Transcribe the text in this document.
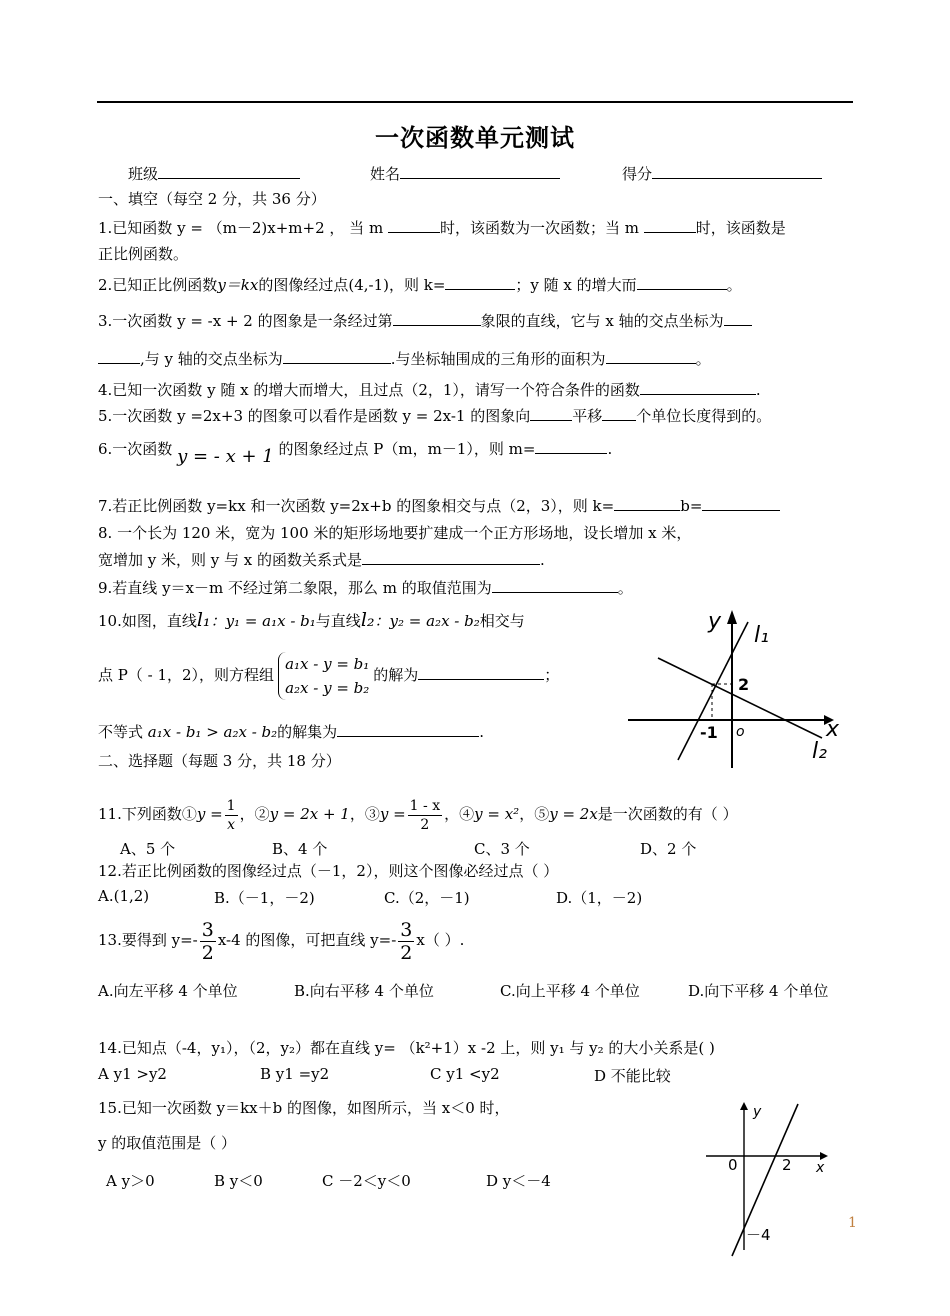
一次函数单元测试
班级	姓名	得分
一、填空（每空 2 分，共 36 分）
1.已知函数 y = （m－2)x+m+2 ， 当 m	时，该函数为一次函数；当 m	时，该函数是
正比例函数。
2.已知正比例函数y＝kx的图像经过点(4,-1)，则 k=	；y 随 x 的增大而	。
3.一次函数 y = -x + 2 的图象是一条经过第	象限的直线，它与 x 轴的交点坐标为
,与 y 轴的交点坐标为	.与坐标轴围成的三角形的面积为	。
4.已知一次函数 y 随 x 的增大而增大，且过点（2，1），请写一个符合条件的函数	.
5.一次函数 y =2x+3 的图象可以看作是函数 y = 2x-1 的图象向	平移 个单位长度得到的。
6.一次函数 y = - x + 1 的图象经过点 P（m，m－1），则 m=	.
7.若正比例函数 y=kx 和一次函数 y=2x+b 的图象相交与点（2，3），则 k=	b=
8. 一个长为 120 米，宽为 100 米的矩形场地要扩建成一个正方形场地，设长增加 x 米，
宽增加 y 米，则 y 与 x 的函数关系式是	.
9.若直线 y＝x－m 不经过第二象限，那么 m 的取值范围为	。
10.如图，直线l₁：y₁ = a₁x - b₁与直线l₂：y₂ = a₂x - b₂相交与
点 P（ - 1，2），则方程组
a₁x - y = b₁
a₂x - y = b₂
的解为	；
不等式 a₁x - b₁ > a₂x - b₂的解集为	.
y
x
l₁
l₂
2
-1 o
二、选择题（每题 3 分，共 18 分）
11.下列函数①y = $\frac{1}{x}$ ，②y = 2x + 1，③y = $\frac{1 - x}{2}$ ，④y = x²，⑤y = 2x是一次函数的有（ ）
A、5 个	B、4 个	C、3 个	D、2 个
12.若正比例函数的图像经过点（－1，2），则这个图像必经过点（ ）
A.(1,2)	B.（－1，－2)	C.（2，－1)	D.（1，－2)
13.要得到 $y=- \frac{3}{2} x-4$ 的图像，可把直线 $y=- \frac{3}{2} x$（ ）.
A.向左平移 4 个单位	B.向右平移 4 个单位	C.向上平移 4 个单位	D.向下平移 4 个单位
14.已知点（-4，y₁），（2，y₂）都在直线 y= （k²+1）x -2 上，则 y₁ 与 y₂ 的大小关系是( )
A y1 >y2	B y1 =y2	C y1 <y2	D 不能比较
15.已知一次函数 y＝kx＋b 的图像，如图所示，当 x＜0 时，
y 的取值范围是（ ）
A y＞0	B y＜0	C －2＜y＜0	D y＜－4
y
x
0	2
－4
1
